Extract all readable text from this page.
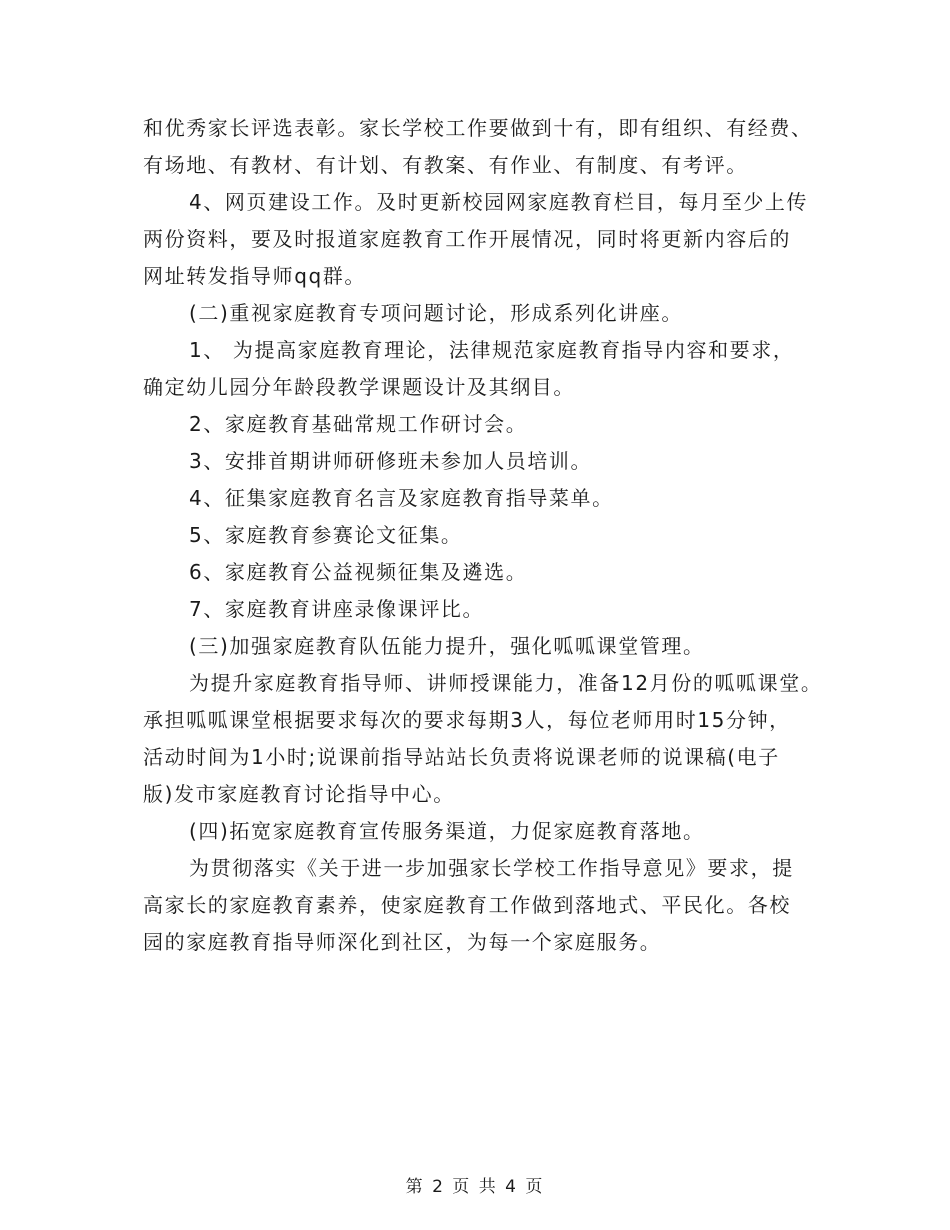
和优秀家长评选表彰。家长学校工作要做到十有，即有组织、有经费、
有场地、有教材、有计划、有教案、有作业、有制度、有考评。
4、网页建设工作。及时更新校园网家庭教育栏目，每月至少上传
两份资料，要及时报道家庭教育工作开展情况，同时将更新内容后的
网址转发指导师qq群。
(二)重视家庭教育专项问题讨论，形成系列化讲座。
1、 为提高家庭教育理论，法律规范家庭教育指导内容和要求，
确定幼儿园分年龄段教学课题设计及其纲目。
2、家庭教育基础常规工作研讨会。
3、安排首期讲师研修班未参加人员培训。
4、征集家庭教育名言及家庭教育指导菜单。
5、家庭教育参赛论文征集。
6、家庭教育公益视频征集及遴选。
7、家庭教育讲座录像课评比。
(三)加强家庭教育队伍能力提升，强化呱呱课堂管理。
为提升家庭教育指导师、讲师授课能力，准备12月份的呱呱课堂。
承担呱呱课堂根据要求每次的要求每期3人，每位老师用时15分钟，
活动时间为1小时;说课前指导站站长负责将说课老师的说课稿(电子
版)发市家庭教育讨论指导中心。
(四)拓宽家庭教育宣传服务渠道，力促家庭教育落地。
为贯彻落实《关于进一步加强家长学校工作指导意见》要求，提
高家长的家庭教育素养，使家庭教育工作做到落地式、平民化。各校
园的家庭教育指导师深化到社区，为每一个家庭服务。
第 2 页 共 4 页
